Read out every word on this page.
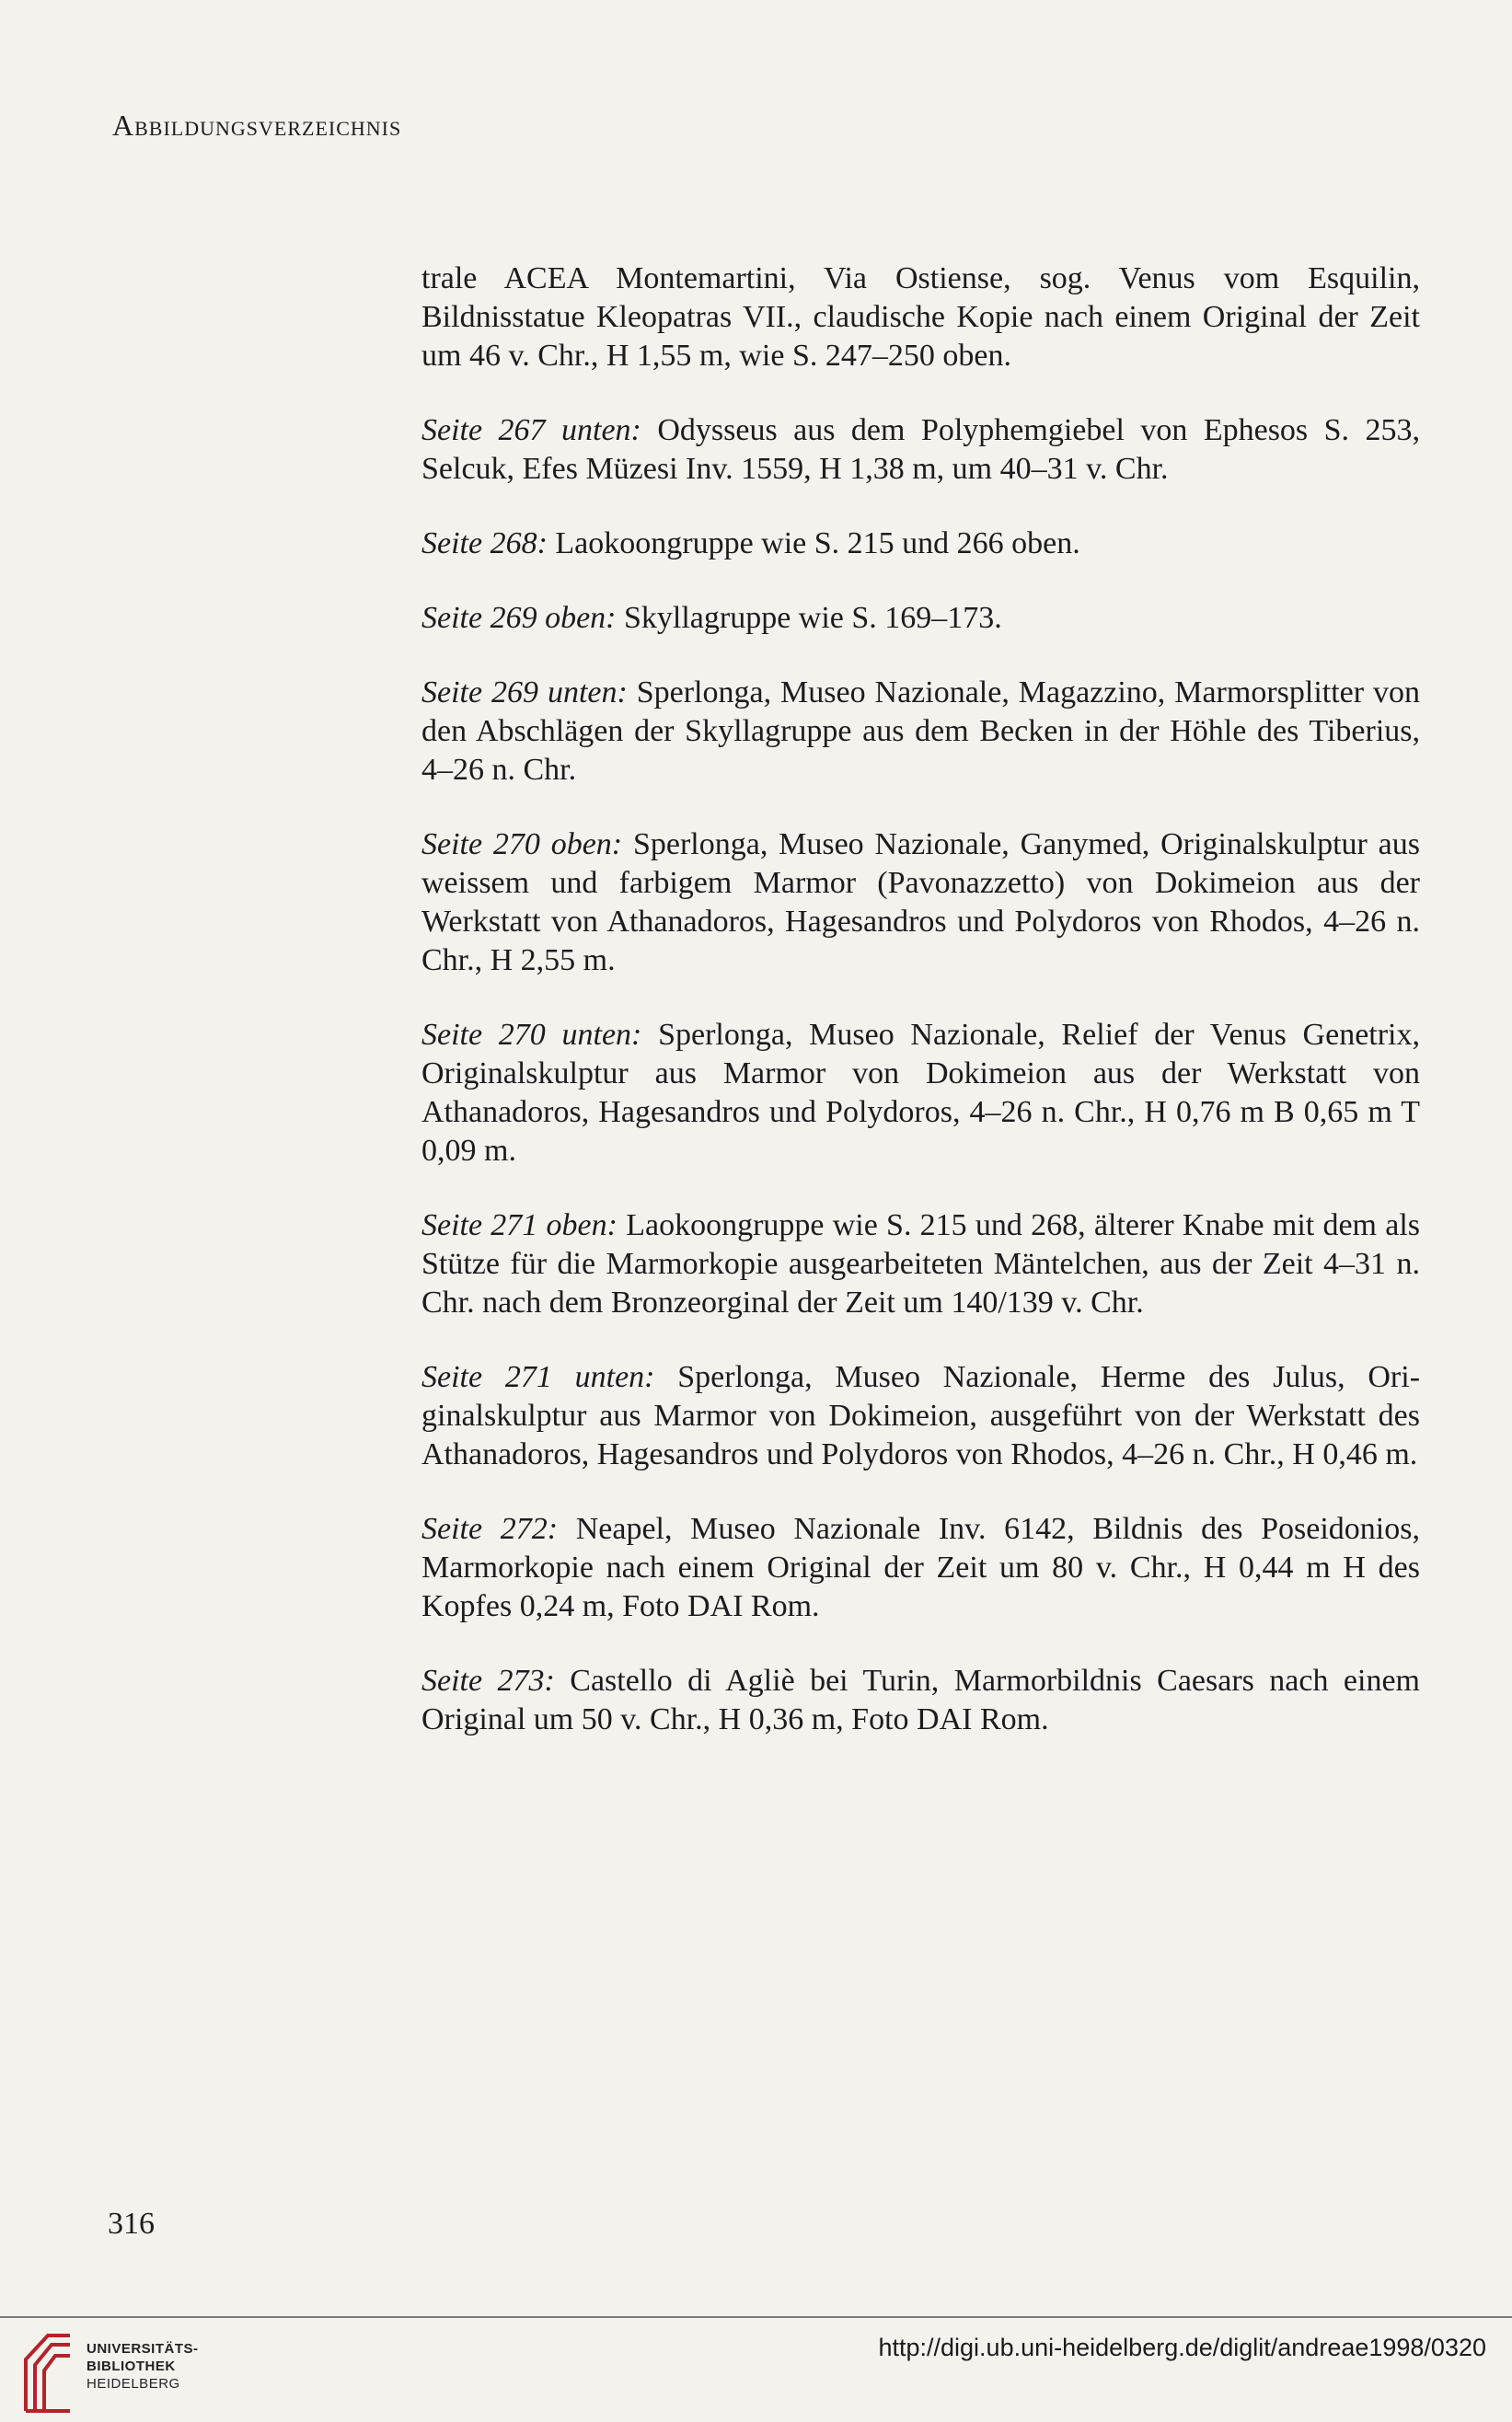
Abbildungsverzeichnis

trale ACEA Montemartini, Via Ostiense, sog. Venus vom Esquilin, Bildnisstatue Kleopatras VII., claudische Kopie nach einem Original der Zeit um 46 v. Chr., H 1,55 m, wie S. 247–250 oben.

Seite 267 unten: Odysseus aus dem Polyphemgiebel von Ephesos S. 253, Selcuk, Efes Müzesi Inv. 1559, H 1,38 m, um 40–31 v. Chr.

Seite 268: Laokoongruppe wie S. 215 und 266 oben.

Seite 269 oben: Skyllagruppe wie S. 169–173.

Seite 269 unten: Sperlonga, Museo Nazionale, Magazzino, Marmorsplitter von den Abschlägen der Skyllagruppe aus dem Becken in der Höhle des Tiberius, 4–26 n. Chr.

Seite 270 oben: Sperlonga, Museo Nazionale, Ganymed, Originalskulptur aus weissem und farbigem Marmor (Pavonazzetto) von Dokimeion aus der Werkstatt von Athanadoros, Hagesandros und Polydoros von Rhodos, 4–26 n. Chr., H 2,55 m.

Seite 270 unten: Sperlonga, Museo Nazionale, Relief der Venus Genetrix, Originalskulptur aus Marmor von Dokimeion aus der Werkstatt von Athanadoros, Hagesandros und Polydoros, 4–26 n. Chr., H 0,76 m B 0,65 m T 0,09 m.

Seite 271 oben: Laokoongruppe wie S. 215 und 268, älterer Knabe mit dem als Stütze für die Marmorkopie ausgearbeiteten Mäntelchen, aus der Zeit 4–31 n. Chr. nach dem Bronzeorginal der Zeit um 140/139 v. Chr.

Seite 271 unten: Sperlonga, Museo Nazionale, Herme des Julus, Originalskulptur aus Marmor von Dokimeion, ausgeführt von der Werkstatt des Athanadoros, Hagesandros und Polydoros von Rhodos, 4–26 n. Chr., H 0,46 m.

Seite 272: Neapel, Museo Nazionale Inv. 6142, Bildnis des Poseidonios, Marmorkopie nach einem Original der Zeit um 80 v. Chr., H 0,44 m H des Kopfes 0,24 m, Foto DAI Rom.

Seite 273: Castello di Agliè bei Turin, Marmorbildnis Caesars nach einem Original um 50 v. Chr., H 0,36 m, Foto DAI Rom.

316
UNIVERSITÄTS-
BIBLIOTHEK
HEIDELBERG
http://digi.ub.uni-heidelberg.de/diglit/andreae1998/0320
